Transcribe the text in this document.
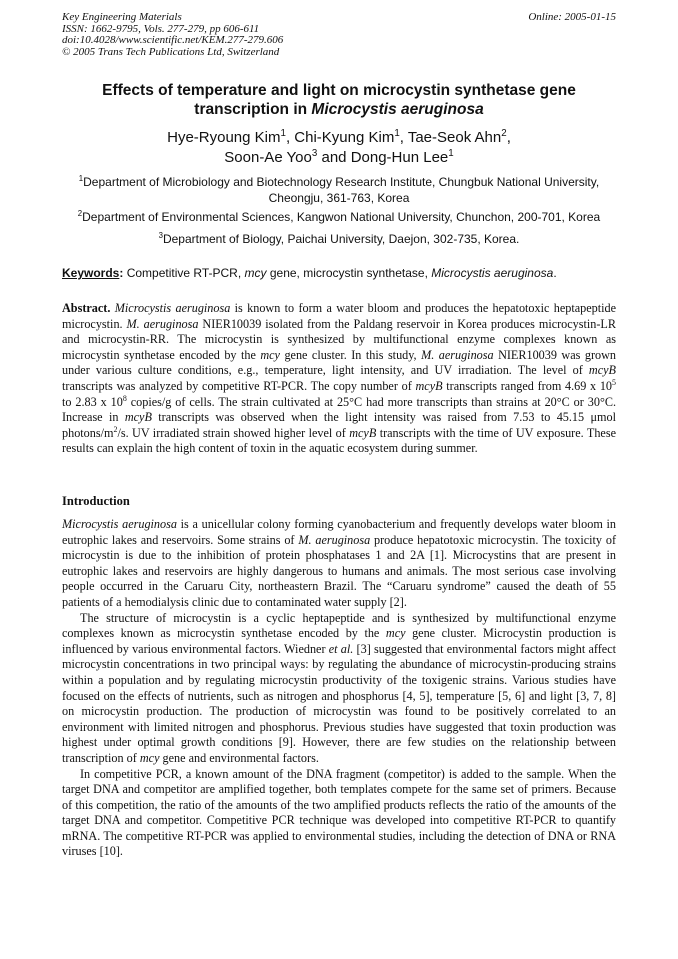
Key Engineering Materials
ISSN: 1662-9795, Vols. 277-279, pp 606-611
doi:10.4028/www.scientific.net/KEM.277-279.606
© 2005 Trans Tech Publications Ltd, Switzerland
Online: 2005-01-15
Effects of temperature and light on microcystin synthetase gene
transcription in Microcystis aeruginosa
Hye-Ryoung Kim$^1$, Chi-Kyung Kim$^1$, Tae-Seok Ahn$^2$,
Soon-Ae Yoo$^3$ and Dong-Hun Lee$^1$
$^1$Department of Microbiology and Biotechnology Research Institute, Chungbuk National University,
Cheongju, 361-763, Korea
$^2$Department of Environmental Sciences, Kangwon National University, Chunchon, 200-701, Korea
$^3$Department of Biology, Paichai University, Daejon, 302-735, Korea.
Keywords: Competitive RT-PCR, mcy gene, microcystin synthetase, Microcystis aeruginosa.
Abstract. Microcystis aeruginosa is known to form a water bloom and produces the hepatotoxic heptapeptide microcystin. M. aeruginosa NIER10039 isolated from the Paldang reservoir in Korea produces microcystin-LR and microcystin-RR. The microcystin is synthesized by multifunctional enzyme complexes known as microcystin synthetase encoded by the mcy gene cluster. In this study, M. aeruginosa NIER10039 was grown under various culture conditions, e.g., temperature, light intensity, and UV irradiation. The level of mcyB transcripts was analyzed by competitive RT-PCR. The copy number of mcyB transcripts ranged from 4.69 x $10^5$ to 2.83 x $10^8$ copies/g of cells. The strain cultivated at 25°C had more transcripts than strains at 20°C or 30°C. Increase in mcyB transcripts was observed when the light intensity was raised from 7.53 to 45.15 μmol photons/$m^2/s$. UV irradiated strain showed higher level of mcyB transcripts with the time of UV exposure. These results can explain the high content of toxin in the aquatic ecosystem during summer.
Introduction

Microcystis aeruginosa is a unicellular colony forming cyanobacterium and frequently develops water bloom in eutrophic lakes and reservoirs. Some strains of M. aeruginosa produce hepatotoxic microcystin. The toxicity of microcystin is due to the inhibition of protein phosphatases 1 and 2A [1]. Microcystins that are present in eutrophic lakes and reservoirs are highly dangerous to humans and animals. The most serious case involving people occurred in the Caruaru City, northeastern Brazil. The “Caruaru syndrome” caused the death of 55 patients of a hemodialysis clinic due to contaminated water supply [2].

The structure of microcystin is a cyclic heptapeptide and is synthesized by multifunctional enzyme complexes known as microcystin synthetase encoded by the mcy gene cluster. Microcystin production is influenced by various environmental factors. Wiedner et al. [3] suggested that environmental factors might affect microcystin concentrations in two principal ways: by regulating the abundance of microcystin-producing strains within a population and by regulating microcystin productivity of the toxigenic strains. Various studies have focused on the effects of nutrients, such as nitrogen and phosphorus [4, 5], temperature [5, 6] and light [3, 7, 8] on microcystin production. The production of microcystin was found to be positively correlated to an environment with limited nitrogen and phosphorus. Previous studies have suggested that toxin production was highest under optimal growth conditions [9]. However, there are few studies on the relationship between transcription of mcy gene and environmental factors.

In competitive PCR, a known amount of the DNA fragment (competitor) is added to the sample. When the target DNA and competitor are amplified together, both templates compete for the same set of primers. Because of this competition, the ratio of the amounts of the two amplified products reflects the ratio of the amounts of the target DNA and competitor. Competitive PCR technique was developed into competitive RT-PCR to quantify mRNA. The competitive RT-PCR was applied to environmental studies, including the detection of DNA or RNA viruses [10].
